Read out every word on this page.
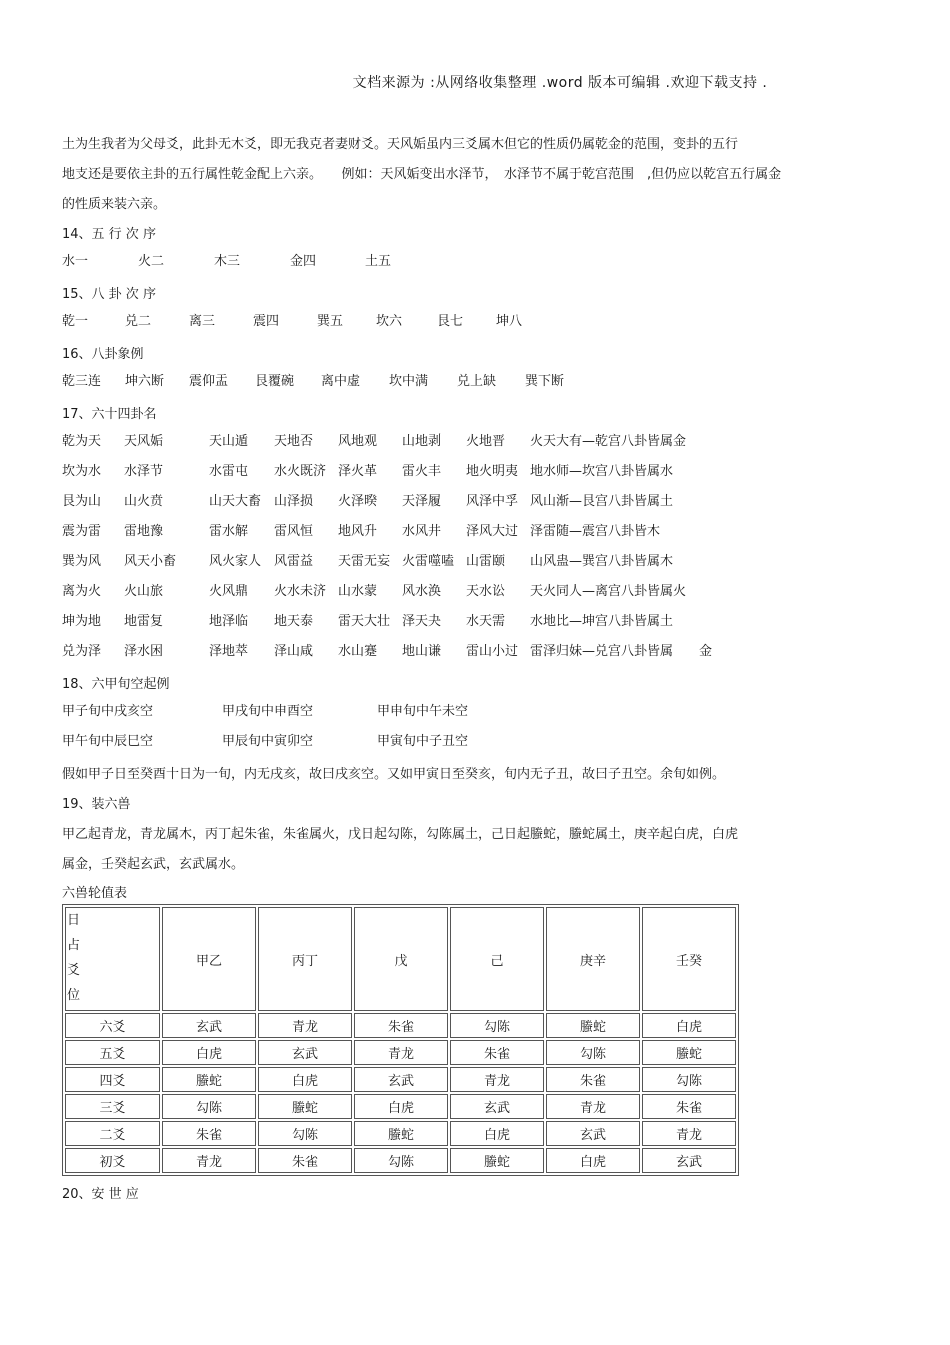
文档来源为 :从网络收集整理 .word 版本可编辑 .欢迎下载支持 .
土为生我者为父母爻，此卦无木爻，即无我克者妻财爻。天风姤虽内三爻属木但它的性质仍属乾金的范围，变卦的五行
地支还是要依主卦的五行属性乾金配上六亲。　　例如：天风姤变出水泽节，　水泽节不属于乾宫范围　,但仍应以乾宫五行属金
的性质来装六亲。
14、五 行 次 序
水一	火二	木三	金四	土五
15、八 卦 次 序
乾一	兑二	离三	震四	巽五	坎六	艮七	坤八
16、八卦象例
乾三连 坤六断 震仰盂 艮覆碗 离中虚 坎中满 兑上缺 巽下断
17、六十四卦名
乾为天 天风姤	天山遁 天地否 风地观 山地剥 火地晋 火天大有—乾宫八卦皆属金
坎为水 水泽节	水雷屯 水火既济 泽火革 雷火丰 地火明夷 地水师—坎宫八卦皆属水
艮为山 山火贲	山天大畜 山泽损 火泽暌 天泽履 风泽中孚 风山渐—艮宫八卦皆属土
震为雷 雷地豫	雷水解 雷风恒 地风升 水风井 泽风大过 泽雷随—震宫八卦皆木
巽为风 风天小畜	风火家人 风雷益 天雷无妄 火雷噬嗑 山雷颐 山风蛊—巽宫八卦皆属木
离为火 火山旅	火风鼎 火水未济 山水蒙 风水涣 天水讼 天火同人—离宫八卦皆属火
坤为地 地雷复	地泽临 地天泰 雷天大壮 泽天夬 水天需 水地比—坤宫八卦皆属土
兑为泽 泽水困	泽地萃 泽山咸 水山蹇 地山谦 雷山小过 雷泽归妹—兑宫八卦皆属　　金
18、六甲旬空起例
甲子旬中戌亥空	甲戌旬中申酉空	甲申旬中午未空
甲午旬中辰巳空	甲辰旬中寅卯空	甲寅旬中子丑空
假如甲子日至癸酉十日为一旬，内无戌亥，故曰戌亥空。又如甲寅日至癸亥，旬内无子丑，故曰子丑空。余旬如例。
19、装六兽
甲乙起青龙，青龙属木，丙丁起朱雀，朱雀属火，戊日起勾陈，勾陈属土，己日起螣蛇，螣蛇属土，庚辛起白虎，白虎
属金，壬癸起玄武，玄武属水。
六兽轮值表
日
占
爻
位	甲乙	丙丁	戊	己	庚辛	壬癸
六爻	玄武	青龙	朱雀	勾陈	螣蛇	白虎
五爻	白虎	玄武	青龙	朱雀	勾陈	螣蛇
四爻	螣蛇	白虎	玄武	青龙	朱雀	勾陈
三爻	勾陈	螣蛇	白虎	玄武	青龙	朱雀
二爻	朱雀	勾陈	螣蛇	白虎	玄武	青龙
初爻	青龙	朱雀	勾陈	螣蛇	白虎	玄武
20、安 世 应
